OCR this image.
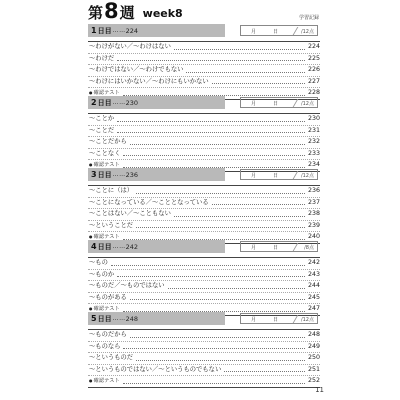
第 8 週 week8	学習記録
1 日目 …… 224	月	日	/12点
～わけがない／～わけはない	224
～わけだ	225
～わけではない／～わけでもない	226
～わけにはいかない／～わけにもいかない	227
●確認テスト	228
2 日目 …… 230	月	日	/12点
～ことか	230
～ことだ	231
～ことだから	232
～ことなく	233
●確認テスト	234
3 日目 …… 236	月	日	/12点
～ことに（は）	236
～ことになっている／～こととなっている	237
～ことはない／～こともない	238
～ということだ	239
●確認テスト	240
4 日目 …… 242	月	日	/8点
～もの	242
～ものか	243
～ものだ／～ものではない	244
～ものがある	245
●確認テスト	247
5 日目 …… 248	月	日	/12点
～ものだから	248
～ものなら	249
～というものだ	250
～というものではない／～というものでもない	251
●確認テスト	252
11
